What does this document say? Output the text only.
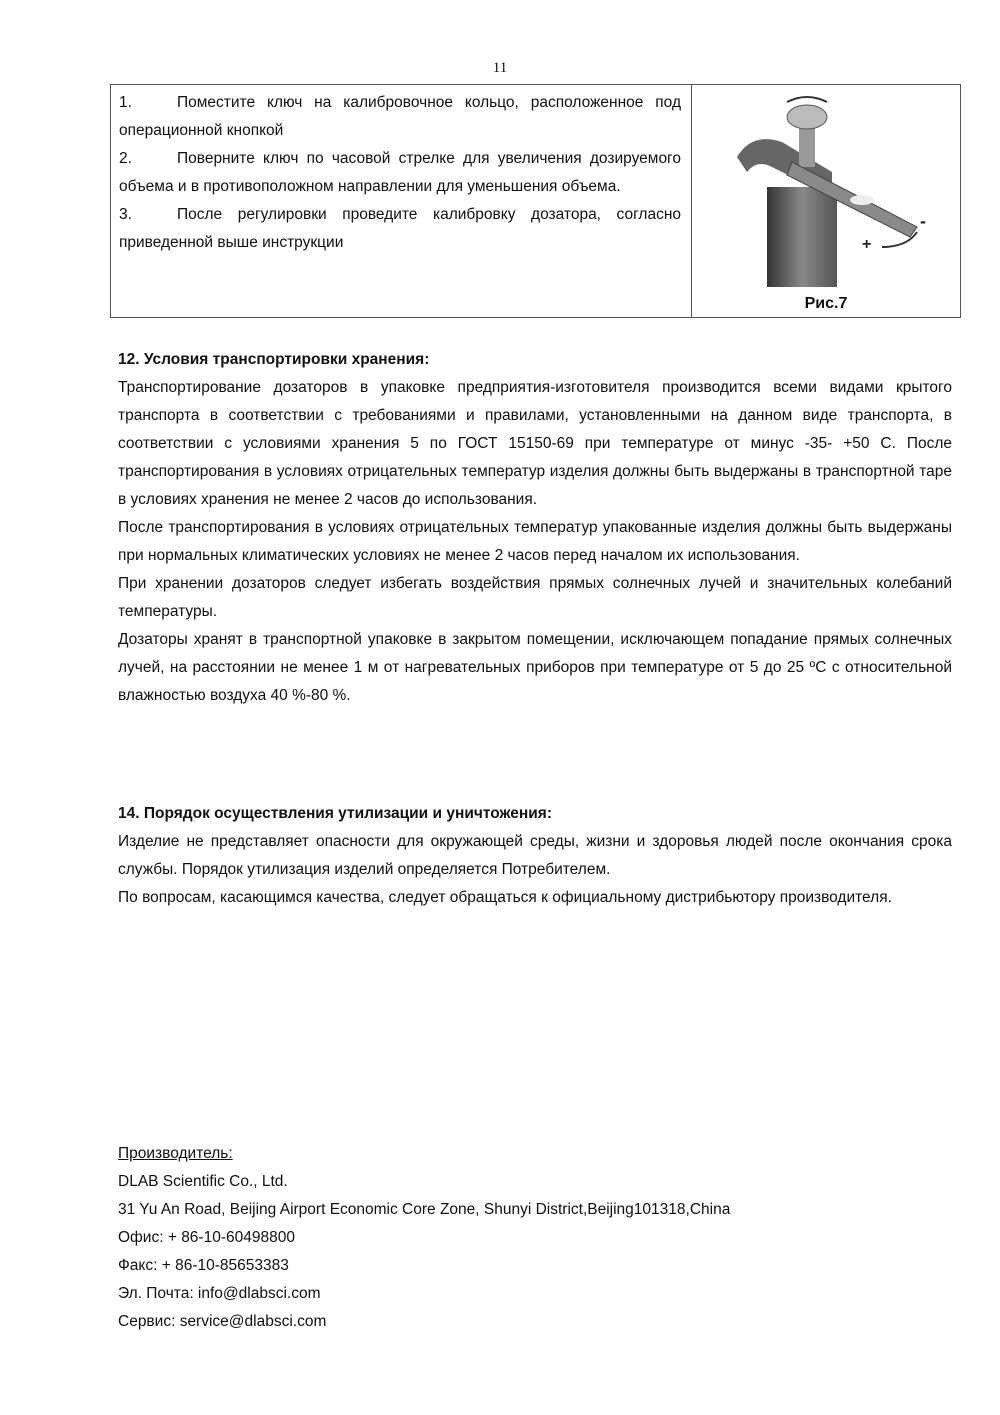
11
1.	Поместите ключ на калибровочное кольцо, расположенное под операционной кнопкой
2.	Поверните ключ по часовой стрелке для увеличения дозируемого объема и в противоположном направлении для уменьшения объема.
3.	После регулировки проведите калибровку дозатора, согласно приведенной выше инструкции	+
-
Рис.7
12. Условия транспортировки хранения:

Транспортирование дозаторов в упаковке предприятия-изготовителя производится всеми видами крытого транспорта в соответствии с требованиями и правилами, установленными на данном виде транспорта, в соответствии с условиями хранения 5 по ГОСТ 15150-69 при температуре от минус -35- +50 С. После транспортирования в условиях отрицательных температур изделия должны быть выдержаны в транспортной таре в условиях хранения не менее 2 часов до использования.

После транспортирования в условиях отрицательных температур упакованные изделия должны быть выдержаны при нормальных климатических условиях не менее 2 часов перед началом их использования.

При хранении дозаторов следует избегать воздействия прямых солнечных лучей и значительных колебаний температуры.

Дозаторы хранят в транспортной упаковке в закрытом помещении, исключающем попадание прямых солнечных лучей, на расстоянии не менее 1 м от нагревательных приборов при температуре от 5 до 25 ºС с относительной влажностью воздуха 40 %-80 %.

14. Порядок осуществления утилизации и уничтожения:

Изделие не представляет опасности для окружающей среды, жизни и здоровья людей после окончания срока службы. Порядок утилизация изделий определяется Потребителем.

По вопросам, касающимся качества, следует обращаться к официальному дистрибьютору производителя.

Производитель:
DLAB Scientific Co., Ltd.
31 Yu An Road, Beijing Airport Economic Core Zone, Shunyi District,Beijing101318,China
Офис: + 86-10-60498800
Факс: + 86-10-85653383
Эл. Почта: info@dlabsci.com
Сервис: service@dlabsci.com
